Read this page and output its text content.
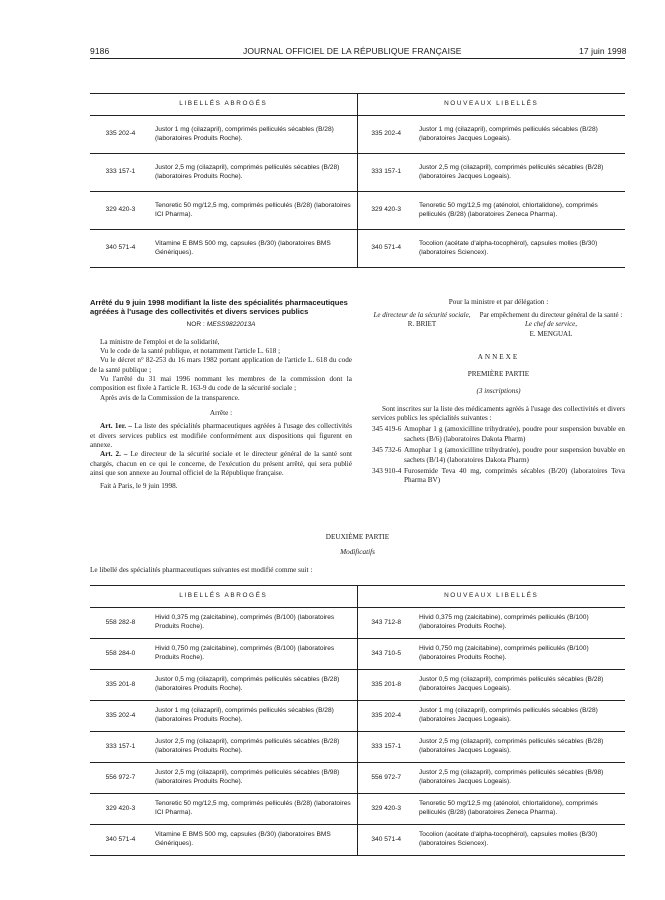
9186	JOURNAL OFFICIEL DE LA RÉPUBLIQUE FRANÇAISE	17 juin 1998
LIBELLÉS ABROGÉS		NOUVEAUX LIBELLÉS	
335 202-4	Justor 1 mg (cilazapril), comprimés pelliculés sécables (B/28) (laboratoires Produits Roche).	335 202-4	Justor 1 mg (cilazapril), comprimés pelliculés sécables (B/28) (laboratoires Jacques Logeais).
333 157-1	Justor 2,5 mg (cilazapril), comprimés pelliculés sécables (B/28) (laboratoires Produits Roche).	333 157-1	Justor 2,5 mg (cilazapril), comprimés pelliculés sécables (B/28) (laboratoires Jacques Logeais).
329 420-3	Tenoretic 50 mg/12,5 mg, comprimés pelliculés (B/28) (laboratoires ICI Pharma).	329 420-3	Tenoretic 50 mg/12,5 mg (aténolol, chlortalidone), comprimés pelliculés (B/28) (laboratoires Zeneca Pharma).
340 571-4	Vitamine E BMS 500 mg, capsules (B/30) (laboratoires BMS Génériques).	340 571-4	Tocolion (acétate d'alpha-tocophérol), capsules molles (B/30) (laboratoires Sciencex).
Arrêté du 9 juin 1998 modifiant la liste des spécialités pharmaceutiques agréées à l'usage des collectivités et divers services publics
NOR : MESS9822013A

La ministre de l'emploi et de la solidarité,

Vu le code de la santé publique, et notamment l'article L. 618 ;

Vu le décret n° 82-253 du 16 mars 1982 portant application de l'article L. 618 du code de la santé publique ;

Vu l'arrêté du 31 mai 1996 nommant les membres de la commission dont la composition est fixée à l'article R. 163-9 du code de la sécurité sociale ;

Après avis de la Commission de la transparence.

Arrête :

Art. 1er. – La liste des spécialités pharmaceutiques agréées à l'usage des collectivités et divers services publics est modifiée conformément aux dispositions qui figurent en annexe.

Art. 2. – Le directeur de la sécurité sociale et le directeur général de la santé sont chargés, chacun en ce qui le concerne, de l'exécution du présent arrêté, qui sera publié ainsi que son annexe au Journal officiel de la République française.

Fait à Paris, le 9 juin 1998.

Pour la ministre et par délégation :
Le directeur de la sécurité sociale,
R. BRIET
Par empêchement du directeur général de la santé :
Le chef de service,
E. MENGUAL
ANNEXE
PREMIÈRE PARTIE
(3 inscriptions)

Sont inscrites sur la liste des médicaments agréés à l'usage des collectivités et divers services publics les spécialités suivantes :

345 419-6 Amophar 1 g (amoxicilline trihydratée), poudre pour suspension buvable en sachets (B/6) (laboratoires Dakota Pharm)
345 732-6 Amophar 1 g (amoxicilline trihydratée), poudre pour suspension buvable en sachets (B/14) (laboratoires Dakota Pharm)
343 910-4 Furosemide Teva 40 mg, comprimés sécables (B/20) (laboratoires Teva Pharma BV)
DEUXIÈME PARTIE
Modificatifs
Le libellé des spécialités pharmaceutiques suivantes est modifié comme suit :
LIBELLÉS ABROGÉS		NOUVEAUX LIBELLÉS	
558 282-8	Hivid 0,375 mg (zalcitabine), comprimés (B/100) (laboratoires Produits Roche).	343 712-8	Hivid 0,375 mg (zalcitabine), comprimés pelliculés (B/100) (laboratoires Produits Roche).
558 284-0	Hivid 0,750 mg (zalcitabine), comprimés (B/100) (laboratoires Produits Roche).	343 710-5	Hivid 0,750 mg (zalcitabine), comprimés pelliculés (B/100) (laboratoires Produits Roche).
335 201-8	Justor 0,5 mg (cilazapril), comprimés pelliculés sécables (B/28) (laboratoires Produits Roche).	335 201-8	Justor 0,5 mg (cilazapril), comprimés pelliculés sécables (B/28) (laboratoires Jacques Logeais).
335 202-4	Justor 1 mg (cilazapril), comprimés pelliculés sécables (B/28) (laboratoires Produits Roche).	335 202-4	Justor 1 mg (cilazapril), comprimés pelliculés sécables (B/28) (laboratoires Jacques Logeais).
333 157-1	Justor 2,5 mg (cilazapril), comprimés pelliculés sécables (B/28) (laboratoires Produits Roche).	333 157-1	Justor 2,5 mg (cilazapril), comprimés pelliculés sécables (B/28) (laboratoires Jacques Logeais).
556 972-7	Justor 2,5 mg (cilazapril), comprimés pelliculés sécables (B/98) (laboratoires Produits Roche).	556 972-7	Justor 2,5 mg (cilazapril), comprimés pelliculés sécables (B/98) (laboratoires Jacques Logeais).
329 420-3	Tenoretic 50 mg/12,5 mg, comprimés pelliculés (B/28) (laboratoires ICI Pharma).	329 420-3	Tenoretic 50 mg/12,5 mg (aténolol, chlortalidone), comprimés pelliculés (B/28) (laboratoires Zeneca Pharma).
340 571-4	Vitamine E BMS 500 mg, capsules (B/30) (laboratoires BMS Génériques).	340 571-4	Tocolion (acétate d'alpha-tocophérol), capsules molles (B/30) (laboratoires Sciencex).
